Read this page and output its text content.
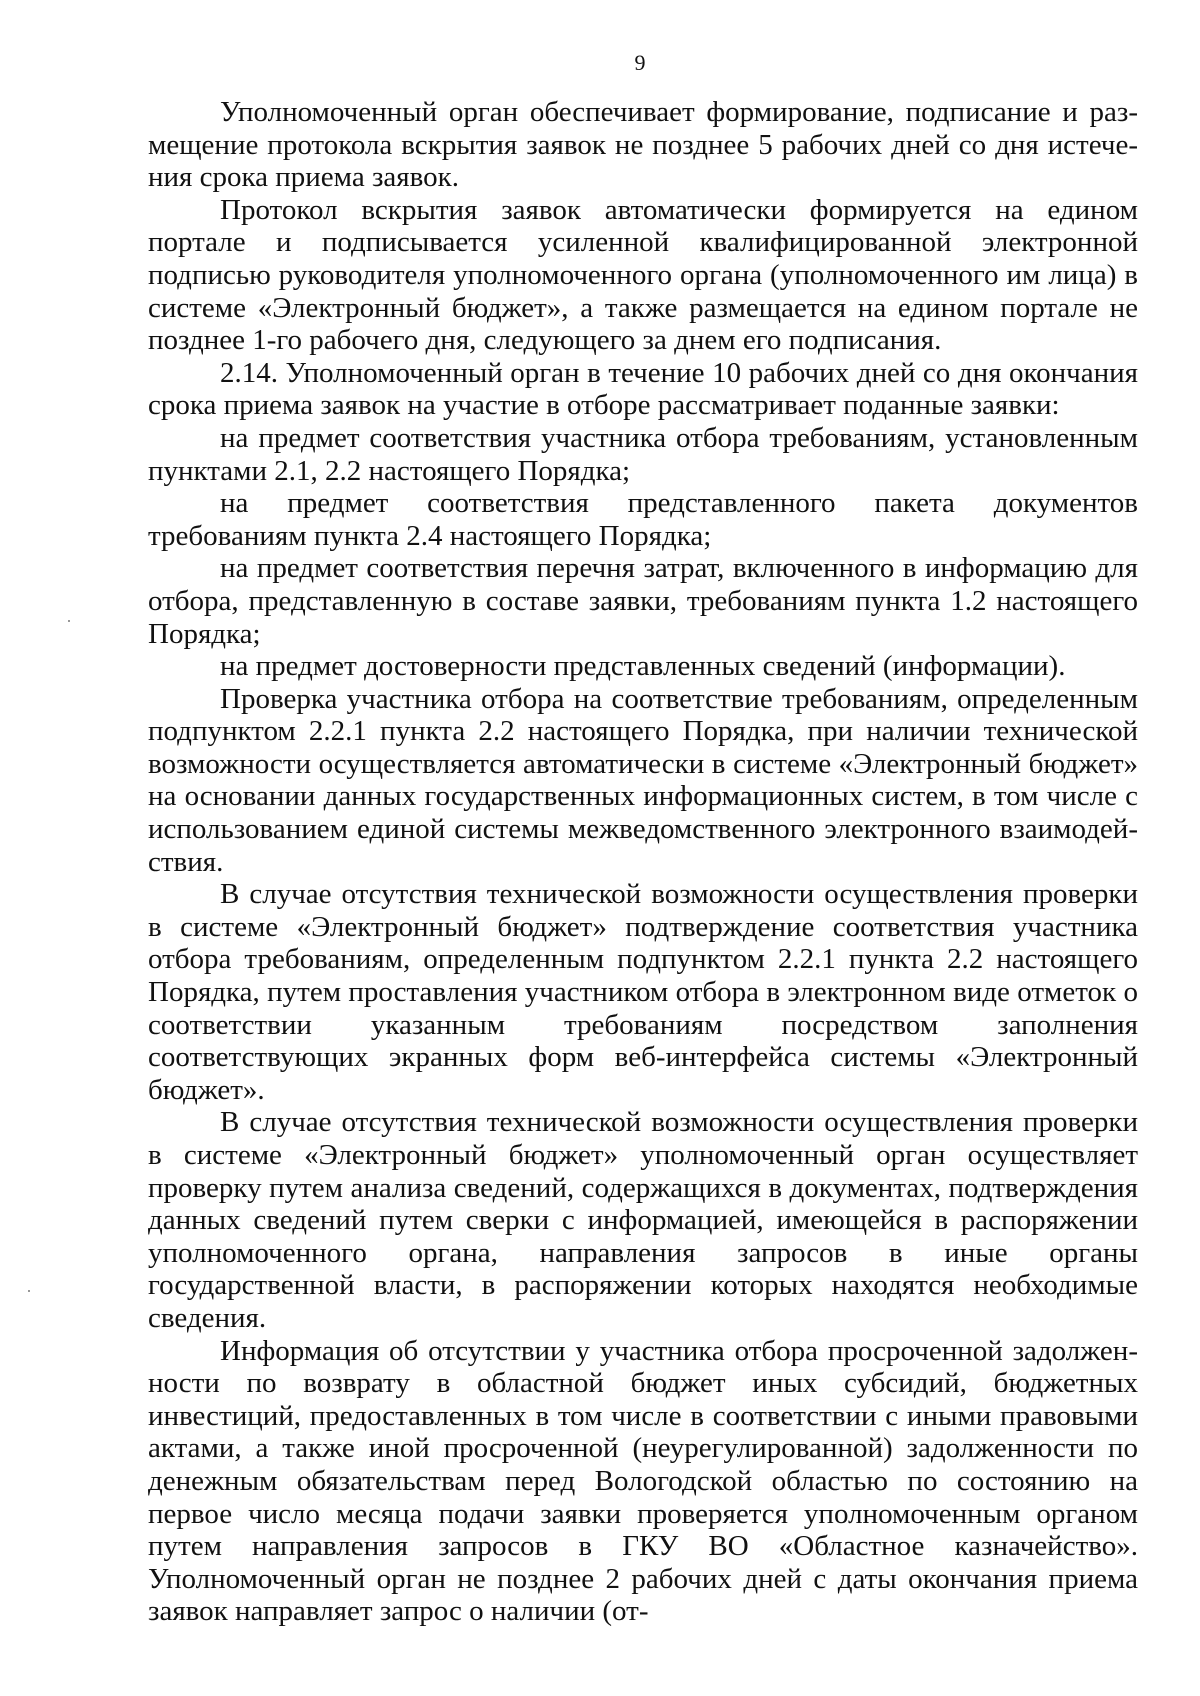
9

Уполномоченный орган обеспечивает формирование, подписание и размещение протокола вскрытия заявок не позднее 5 рабочих дней со дня истечения срока приема заявок.

Протокол вскрытия заявок автоматически формируется на едином портале и подписывается усиленной квалифицированной электронной подписью руководителя уполномоченного органа (уполномоченного им лица) в системе «Электронный бюджет», а также размещается на едином портале не позднее 1-го рабочего дня, следующего за днем его подписания.

2.14. Уполномоченный орган в течение 10 рабочих дней со дня окончания срока приема заявок на участие в отборе рассматривает поданные заявки:

на предмет соответствия участника отбора требованиям, установленным пунктами 2.1, 2.2 настоящего Порядка;

на предмет соответствия представленного пакета документов требованиям пункта 2.4 настоящего Порядка;

на предмет соответствия перечня затрат, включенного в информацию для отбора, представленную в составе заявки, требованиям пункта 1.2 настоящего Порядка;

на предмет достоверности представленных сведений (информации).

Проверка участника отбора на соответствие требованиям, определенным подпунктом 2.2.1 пункта 2.2 настоящего Порядка, при наличии технической возможности осуществляется автоматически в системе «Электронный бюджет» на основании данных государственных информационных систем, в том числе с использованием единой системы межведомственного электронного взаимодействия.

В случае отсутствия технической возможности осуществления проверки в системе «Электронный бюджет» подтверждение соответствия участника отбора требованиям, определенным подпунктом 2.2.1 пункта 2.2 настоящего Порядка, путем проставления участником отбора в электронном виде отметок о соответствии указанным требованиям посредством заполнения соответствующих экранных форм веб-интерфейса системы «Электронный бюджет».

В случае отсутствия технической возможности осуществления проверки в системе «Электронный бюджет» уполномоченный орган осуществляет проверку путем анализа сведений, содержащихся в документах, подтверждения данных сведений путем сверки с информацией, имеющейся в распоряжении уполномоченного органа, направления запросов в иные органы государственной власти, в распоряжении которых находятся необходимые сведения.

Информация об отсутствии у участника отбора просроченной задолженности по возврату в областной бюджет иных субсидий, бюджетных инвестиций, предоставленных в том числе в соответствии с иными правовыми актами, а также иной просроченной (неурегулированной) задолженности по денежным обязательствам перед Вологодской областью по состоянию на первое число месяца подачи заявки проверяется уполномоченным органом путем направления запросов в ГКУ ВО «Областное казначейство». Уполномоченный орган не позднее 2 рабочих дней с даты окончания приема заявок направляет запрос о наличии (от-
